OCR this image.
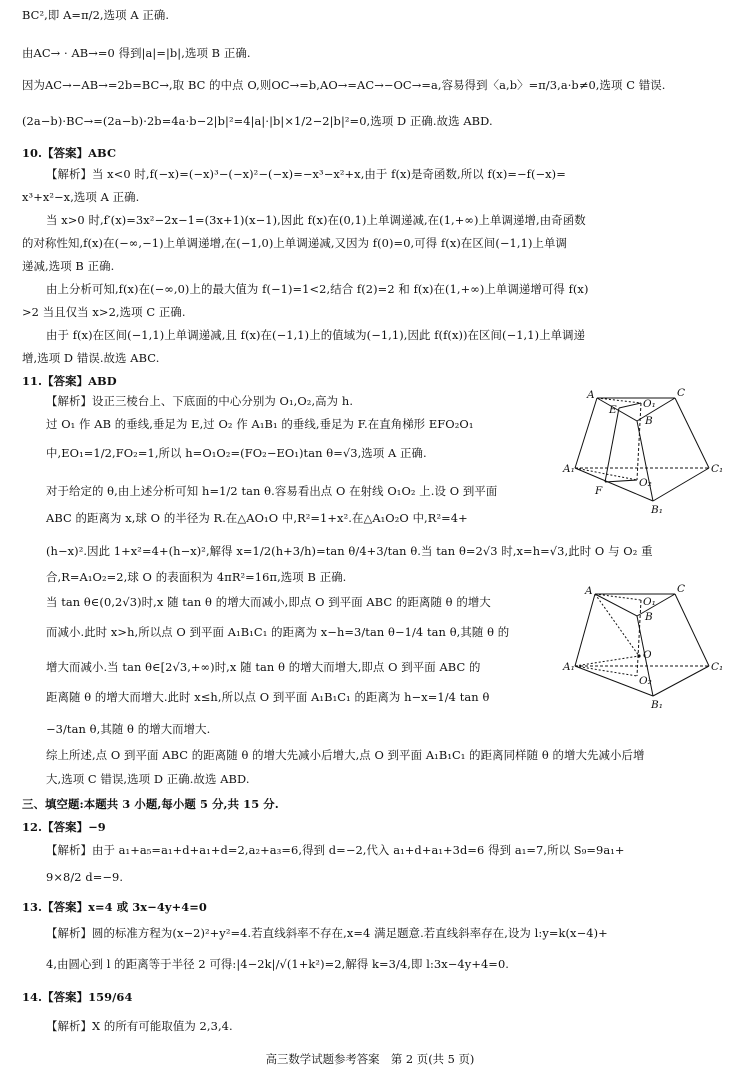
BC²,即 A=π/2,选项 A 正确.
由AC→ · AB→=0 得到|a|=|b|,选项 B 正确.
因为AC→−AB→=2b=BC→,取 BC 的中点 O,则OC→=b,AO→=AC→−OC→=a,容易得到〈a,b〉=π/3,a·b≠0,选项 C 错误.
(2a−b)·BC→=(2a−b)·2b=4a·b−2|b|²=4|a|·|b|×1/2−2|b|²=0,选项 D 正确.故选 ABD.
10.【答案】ABC
【解析】当 x<0 时,f(−x)=(−x)³−(−x)²−(−x)=−x³−x²+x,由于 f(x)是奇函数,所以 f(x)=−f(−x)=
x³+x²−x,选项 A 正确.
当 x>0 时,f′(x)=3x²−2x−1=(3x+1)(x−1),因此 f(x)在(0,1)上单调递减,在(1,+∞)上单调递增,由奇函数
的对称性知,f(x)在(−∞,−1)上单调递增,在(−1,0)上单调递减,又因为 f(0)=0,可得 f(x)在区间(−1,1)上单调
递减,选项 B 正确.
由上分析可知,f(x)在(−∞,0)上的最大值为 f(−1)=1<2,结合 f(2)=2 和 f(x)在(1,+∞)上单调递增可得 f(x)
>2 当且仅当 x>2,选项 C 正确.
由于 f(x)在区间(−1,1)上单调递减,且 f(x)在(−1,1)上的值域为(−1,1),因此 f(f(x))在区间(−1,1)上单调递
增,选项 D 错误.故选 ABC.
11.【答案】ABD
【解析】设正三棱台上、下底面的中心分别为 O₁,O₂,高为 h.
过 O₁ 作 AB 的垂线,垂足为 E,过 O₂ 作 A₁B₁ 的垂线,垂足为 F.在直角梯形 EFO₂O₁
中,EO₁=1/2,FO₂=1,所以 h=O₁O₂=(FO₂−EO₁)tan θ=√3,选项 A 正确.
对于给定的 θ,由上述分析可知 h=1/2 tan θ.容易看出点 O 在射线 O₁O₂ 上.设 O 到平面
ABC 的距离为 x,球 O 的半径为 R.在△AO₁O 中,R²=1+x².在△A₁O₂O 中,R²=4+
(h−x)².因此 1+x²=4+(h−x)²,解得 x=1/2(h+3/h)=tan θ/4+3/tan θ.当 tan θ=2√3 时,x=h=√3,此时 O 与 O₂ 重
合,R=A₁O₂=2,球 O 的表面积为 4πR²=16π,选项 B 正确.
当 tan θ∈(0,2√3)时,x 随 tan θ 的增大而减小,即点 O 到平面 ABC 的距离随 θ 的增大
而减小.此时 x>h,所以点 O 到平面 A₁B₁C₁ 的距离为 x−h=3/tan θ−1/4 tan θ,其随 θ 的
增大而减小.当 tan θ∈[2√3,+∞)时,x 随 tan θ 的增大而增大,即点 O 到平面 ABC 的
距离随 θ 的增大而增大.此时 x≤h,所以点 O 到平面 A₁B₁C₁ 的距离为 h−x=1/4 tan θ
−3/tan θ,其随 θ 的增大而增大.
综上所述,点 O 到平面 ABC 的距离随 θ 的增大先减小后增大,点 O 到平面 A₁B₁C₁ 的距离同样随 θ 的增大先减小后增
大,选项 C 错误,选项 D 正确.故选 ABD.
三、填空题:本题共 3 小题,每小题 5 分,共 15 分.
12.【答案】−9
【解析】由于 a₁+a₅=a₁+d+a₁+d=2,a₂+a₃=6,得到 d=−2,代入 a₁+d+a₁+3d=6 得到 a₁=7,所以 S₉=9a₁+
9×8/2 d=−9.
13.【答案】x=4 或 3x−4y+4=0
【解析】圆的标准方程为(x−2)²+y²=4.若直线斜率不存在,x=4 满足题意.若直线斜率存在,设为 l:y=k(x−4)+
4,由圆心到 l 的距离等于半径 2 可得:|4−2k|/√(1+k²)=2,解得 k=3/4,即 l:3x−4y+4=0.
14.【答案】159/64
【解析】X 的所有可能取值为 2,3,4.
高三数学试题参考答案　第 2 页(共 5 页)
A	C
E	O₁
B
A₁	C₁
F
O₂
B₁
A	C
O₁
B
O
A₁	C₁
O₂
B₁
